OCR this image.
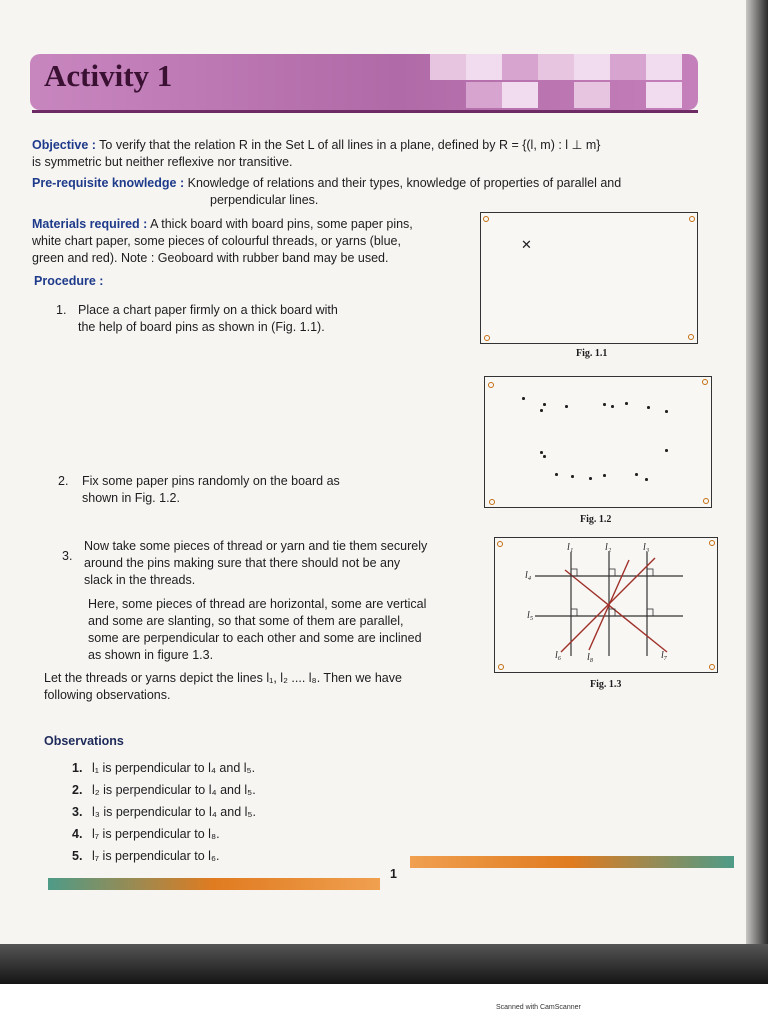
Activity 1
Objective : To verify that the relation R in the Set L of all lines in a plane, defined by R = {(l, m) : l ⊥ m}
is symmetric but neither reflexive nor transitive.
Pre-requisite knowledge : Knowledge of relations and their types, knowledge of properties of parallel and
perpendicular lines.
Materials required : A thick board with board pins, some paper pins,
white chart paper, some pieces of colourful threads, or yarns (blue,
green and red). Note : Geoboard with rubber band may be used.
Procedure :
1. Place a chart paper firmly on a thick board with
the help of board pins as shown in (Fig. 1.1).
✕
Fig. 1.1
2. Fix some paper pins randomly on the board as
shown in Fig. 1.2.
Fig. 1.2
3.
Now take some pieces of thread or yarn and tie them securely
around the pins making sure that there should not be any
slack in the threads.
Here, some pieces of thread are horizontal, some are vertical
and some are slanting, so that some of them are parallel,
some are perpendicular to each other and some are inclined
as shown in figure 1.3.
Let the threads or yarns depict the lines l₁, l₂ .... l₈. Then we have
following observations.
l₁	l₂	l₃
l₄
l₅
l₆	l₇
l₈
Fig. 1.3
Observations
1. l₁ is perpendicular to l₄ and l₅.
2. l₂ is perpendicular to l₄ and l₅.
3. l₃ is perpendicular to l₄ and l₅.
4. l₇ is perpendicular to l₈.
5. l₇ is perpendicular to l₆.
1
Scanned with CamScanner
